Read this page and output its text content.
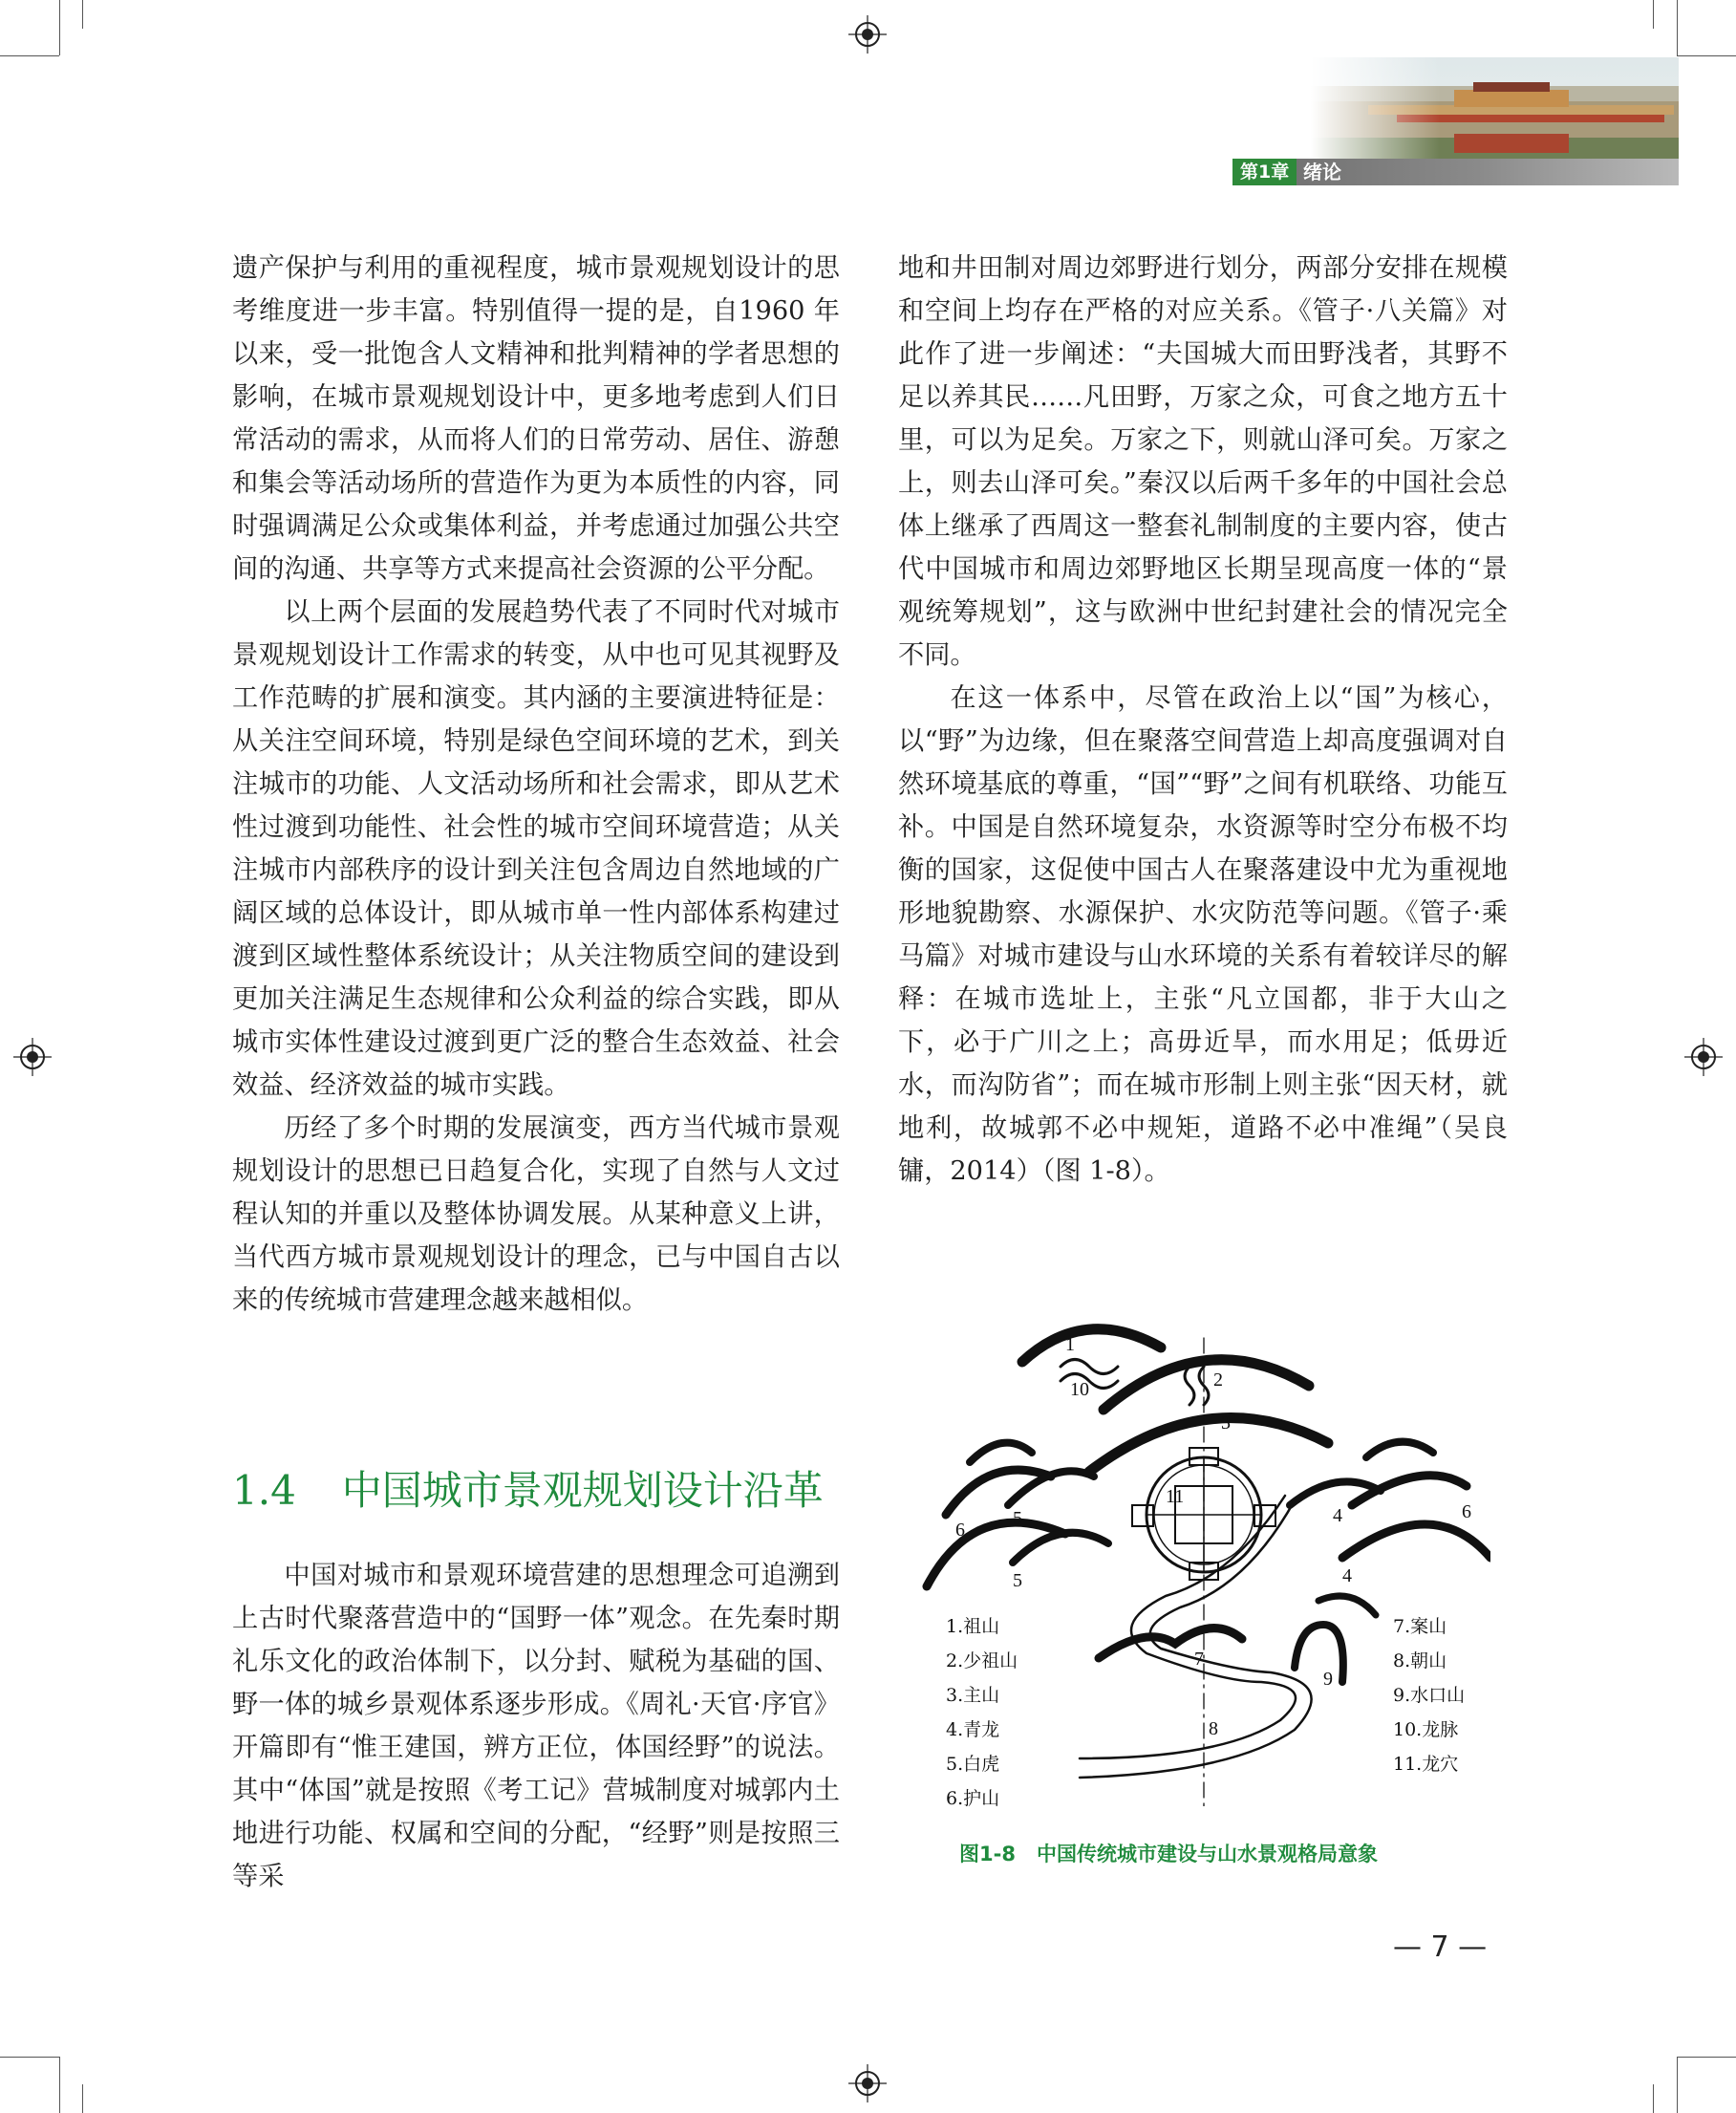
第1章 绪论

遗产保护与利用的重视程度，城市景观规划设计的思考维度进一步丰富。特别值得一提的是，自1960 年以来，受一批饱含人文精神和批判精神的学者思想的影响，在城市景观规划设计中，更多地考虑到人们日常活动的需求，从而将人们的日常劳动、居住、游憩和集会等活动场所的营造作为更为本质性的内容，同时强调满足公众或集体利益，并考虑通过加强公共空间的沟通、共享等方式来提高社会资源的公平分配。

以上两个层面的发展趋势代表了不同时代对城市景观规划设计工作需求的转变，从中也可见其视野及工作范畴的扩展和演变。其内涵的主要演进特征是：从关注空间环境，特别是绿色空间环境的艺术，到关注城市的功能、人文活动场所和社会需求，即从艺术性过渡到功能性、社会性的城市空间环境营造；从关注城市内部秩序的设计到关注包含周边自然地域的广阔区域的总体设计，即从城市单一性内部体系构建过渡到区域性整体系统设计；从关注物质空间的建设到更加关注满足生态规律和公众利益的综合实践，即从城市实体性建设过渡到更广泛的整合生态效益、社会效益、经济效益的城市实践。

历经了多个时期的发展演变，西方当代城市景观规划设计的思想已日趋复合化，实现了自然与人文过程认知的并重以及整体协调发展。从某种意义上讲，当代西方城市景观规划设计的理念，已与中国自古以来的传统城市营建理念越来越相似。

1.4 中国城市景观规划设计沿革

中国对城市和景观环境营建的思想理念可追溯到上古时代聚落营造中的“国野一体”观念。在先秦时期礼乐文化的政治体制下，以分封、赋税为基础的国、野一体的城乡景观体系逐步形成。《周礼·天官·序官》开篇即有“惟王建国，辨方正位，体国经野”的说法。其中“体国”就是按照《考工记》营城制度对城郭内土地进行功能、权属和空间的分配，“经野”则是按照三等采

地和井田制对周边郊野进行划分，两部分安排在规模和空间上均存在严格的对应关系。《管子·八关篇》对此作了进一步阐述：“夫国城大而田野浅者，其野不足以养其民……凡田野，万家之众，可食之地方五十里，可以为足矣。万家之下，则就山泽可矣。万家之上，则去山泽可矣。”秦汉以后两千多年的中国社会总体上继承了西周这一整套礼制制度的主要内容，使古代中国城市和周边郊野地区长期呈现高度一体的“景观统筹规划”，这与欧洲中世纪封建社会的情况完全不同。

在这一体系中，尽管在政治上以“国”为核心，以“野”为边缘，但在聚落空间营造上却高度强调对自然环境基底的尊重，“国”“野”之间有机联络、功能互补。中国是自然环境复杂，水资源等时空分布极不均衡的国家，这促使中国古人在聚落建设中尤为重视地形地貌勘察、水源保护、水灾防范等问题。《管子·乘马篇》对城市建设与山水环境的关系有着较详尽的解释：在城市选址上，主张“凡立国都，非于大山之下，必于广川之上；高毋近旱，而水用足；低毋近水，而沟防省”；而在城市形制上则主张“因天材，就地利，故城郭不必中规矩，道路不必中准绳”（吴良镛，2014）（图 1-8）。

1
10	2
3
11
4	6
5
6
5	4
7
9
8
1.祖山
2.少祖山
3.主山
4.青龙
5.白虎
6.护山
7.案山
8.朝山
9.水口山
10.龙脉
11.龙穴
图1-8 中国传统城市建设与山水景观格局意象
— 7 —
